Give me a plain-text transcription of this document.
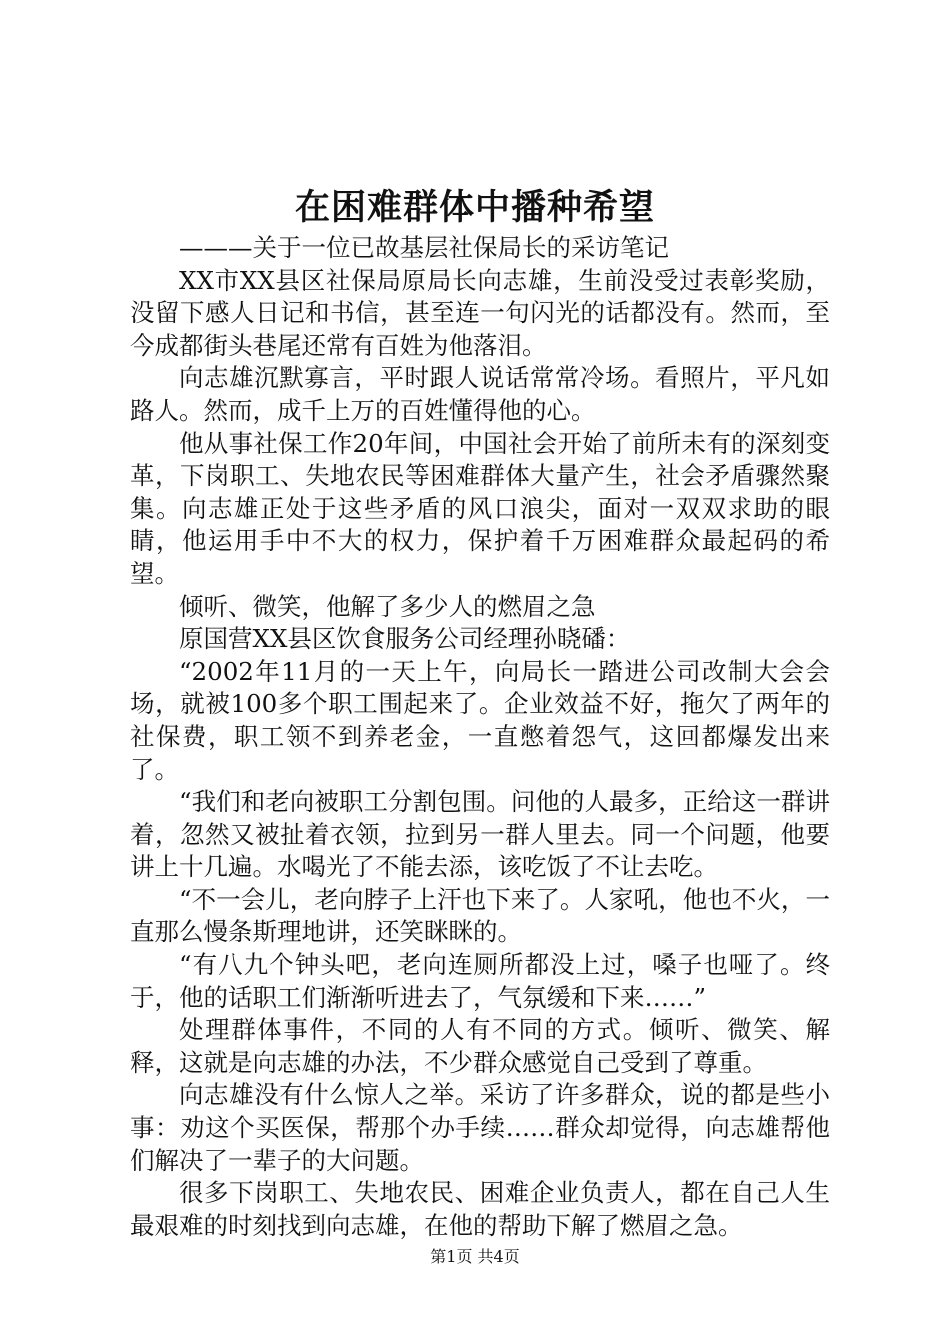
在困难群体中播种希望

———关于一位已故基层社保局长的采访笔记

XX市XX县区社保局原局长向志雄，生前没受过表彰奖励，没留下感人日记和书信，甚至连一句闪光的话都没有。然而，至今成都街头巷尾还常有百姓为他落泪。

向志雄沉默寡言，平时跟人说话常常冷场。看照片，平凡如路人。然而，成千上万的百姓懂得他的心。

他从事社保工作20年间，中国社会开始了前所未有的深刻变革，下岗职工、失地农民等困难群体大量产生，社会矛盾骤然聚集。向志雄正处于这些矛盾的风口浪尖，面对一双双求助的眼睛，他运用手中不大的权力，保护着千万困难群众最起码的希望。

倾听、微笑，他解了多少人的燃眉之急

原国营XX县区饮食服务公司经理孙晓磻：

“2002年11月的一天上午，向局长一踏进公司改制大会会场，就被100多个职工围起来了。企业效益不好，拖欠了两年的社保费，职工领不到养老金，一直憋着怨气，这回都爆发出来了。

“我们和老向被职工分割包围。问他的人最多，正给这一群讲着，忽然又被扯着衣领，拉到另一群人里去。同一个问题，他要讲上十几遍。水喝光了不能去添，该吃饭了不让去吃。

“不一会儿，老向脖子上汗也下来了。人家吼，他也不火，一直那么慢条斯理地讲，还笑眯眯的。

“有八九个钟头吧，老向连厕所都没上过，嗓子也哑了。终于，他的话职工们渐渐听进去了，气氛缓和下来……”

处理群体事件，不同的人有不同的方式。倾听、微笑、解释，这就是向志雄的办法，不少群众感觉自己受到了尊重。

向志雄没有什么惊人之举。采访了许多群众，说的都是些小事：劝这个买医保，帮那个办手续……群众却觉得，向志雄帮他们解决了一辈子的大问题。

很多下岗职工、失地农民、困难企业负责人，都在自己人生最艰难的时刻找到向志雄，在他的帮助下解了燃眉之急。

第1页 共4页
